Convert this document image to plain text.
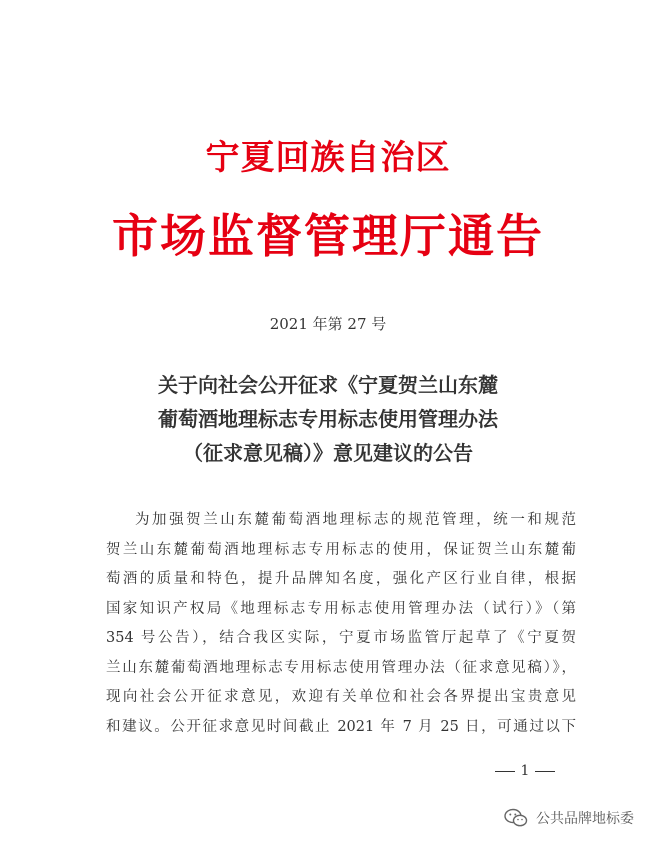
宁夏回族自治区
市场监督管理厅通告
2021 年第 27 号
关于向社会公开征求《宁夏贺兰山东麓
葡萄酒地理标志专用标志使用管理办法
（征求意见稿）》意见建议的公告
为加强贺兰山东麓葡萄酒地理标志的规范管理，统一和规范
贺兰山东麓葡萄酒地理标志专用标志的使用，保证贺兰山东麓葡
萄酒的质量和特色，提升品牌知名度，强化产区行业自律，根据
国家知识产权局《地理标志专用标志使用管理办法（试行）》（第
354 号公告），结合我区实际，宁夏市场监管厅起草了《宁夏贺
兰山东麓葡萄酒地理标志专用标志使用管理办法（征求意见稿）》，
现向社会公开征求意见，欢迎有关单位和社会各界提出宝贵意见
和建议。公开征求意见时间截止 2021 年 7 月 25 日，可通过以下
1
公共品牌地标委
